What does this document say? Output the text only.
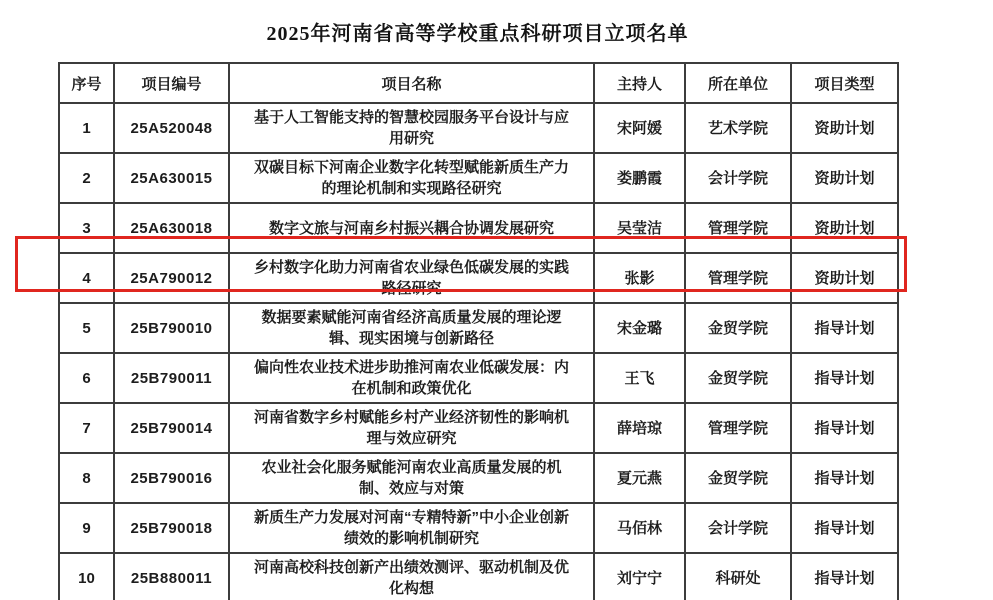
2025年河南省高等学校重点科研项目立项名单
序号	项目编号	项目名称	主持人	所在单位	项目类型
1	25A520048	基于人工智能支持的智慧校园服务平台设计与应用研究	宋阿媛	艺术学院	资助计划
2	25A630015	双碳目标下河南企业数字化转型赋能新质生产力的理论机制和实现路径研究	娄鹏霞	会计学院	资助计划
3	25A630018	数字文旅与河南乡村振兴耦合协调发展研究	吴莹洁	管理学院	资助计划
4	25A790012	乡村数字化助力河南省农业绿色低碳发展的实践路径研究	张影	管理学院	资助计划
5	25B790010	数据要素赋能河南省经济高质量发展的理论逻辑、现实困境与创新路径	宋金璐	金贸学院	指导计划
6	25B790011	偏向性农业技术进步助推河南农业低碳发展：内在机制和政策优化	王飞	金贸学院	指导计划
7	25B790014	河南省数字乡村赋能乡村产业经济韧性的影响机理与效应研究	薛培琼	管理学院	指导计划
8	25B790016	农业社会化服务赋能河南农业高质量发展的机制、效应与对策	夏元燕	金贸学院	指导计划
9	25B790018	新质生产力发展对河南“专精特新”中小企业创新绩效的影响机制研究	马佰林	会计学院	指导计划
10	25B880011	河南高校科技创新产出绩效测评、驱动机制及优化构想	刘宁宁	科研处	指导计划
